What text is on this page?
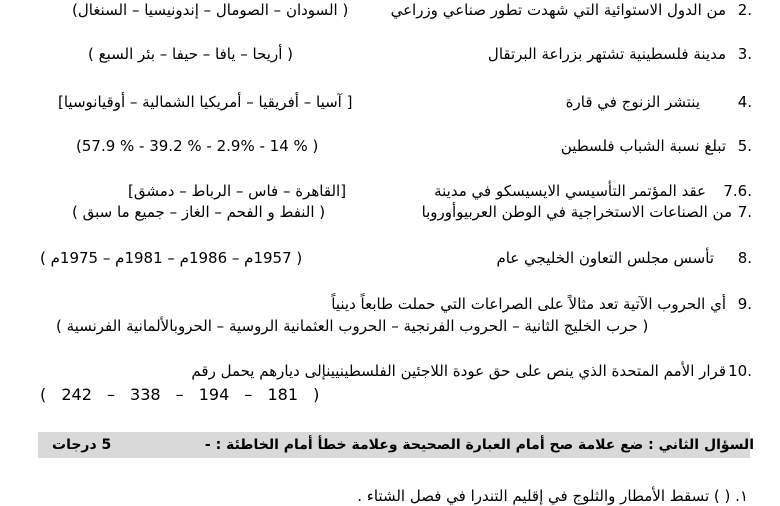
2.
من الدول الاستوائية التي شهدت تطور صناعي وزراعي
( السودان – الصومال – إندونيسيا – السنغال)
3.
مدينة فلسطينية تشتهر بزراعة البرتقال
( أريحا – يافا – حيفا – بئر السبع )
4.
ينتشر الزنوج في قارة
[ آسيا – أفريقيا – أمريكيا الشمالية – أوقيانوسيا]
5.
تبلغ نسبة الشباب فلسطين
(57.9 % - 39.2 % - 2.9% - 14 % )
7.6.
عقد المؤتمر التأسيسي الايسيسكو في مدينة
[القاهرة – فاس – الرباط – دمشق]
7.
من الصناعات الاستخراجية في الوطن العربيوأوروبا
( النفط و الفحم – الغاز – جميع ما سبق )
8.
تأسس مجلس التعاون الخليجي عام
( 1957م – 1986م – 1981م – 1975م )
9.
أي الحروب الآتية تعد مثالاً على الصراعات التي حملت طابعاً دينياً
( حرب الخليج الثانية – الحروب الفرنجية – الحروب العثمانية الروسية – الحروبالألمانية الفرنسية )
10.
قرار الأمم المتحدة الذي ينص على حق عودة اللاجئين الفلسطينيينإلى ديارهم يحمل رقم
( 242 – 338 – 194 – 181 )
السؤال الثاني : ضع علامة صح أمام العبارة الصحيحة وعلامة خطأ أمام الخاطئة : -
5 درجات
١. ( ) تسقط الأمطار والثلوج في إقليم التندرا في فصل الشتاء .
